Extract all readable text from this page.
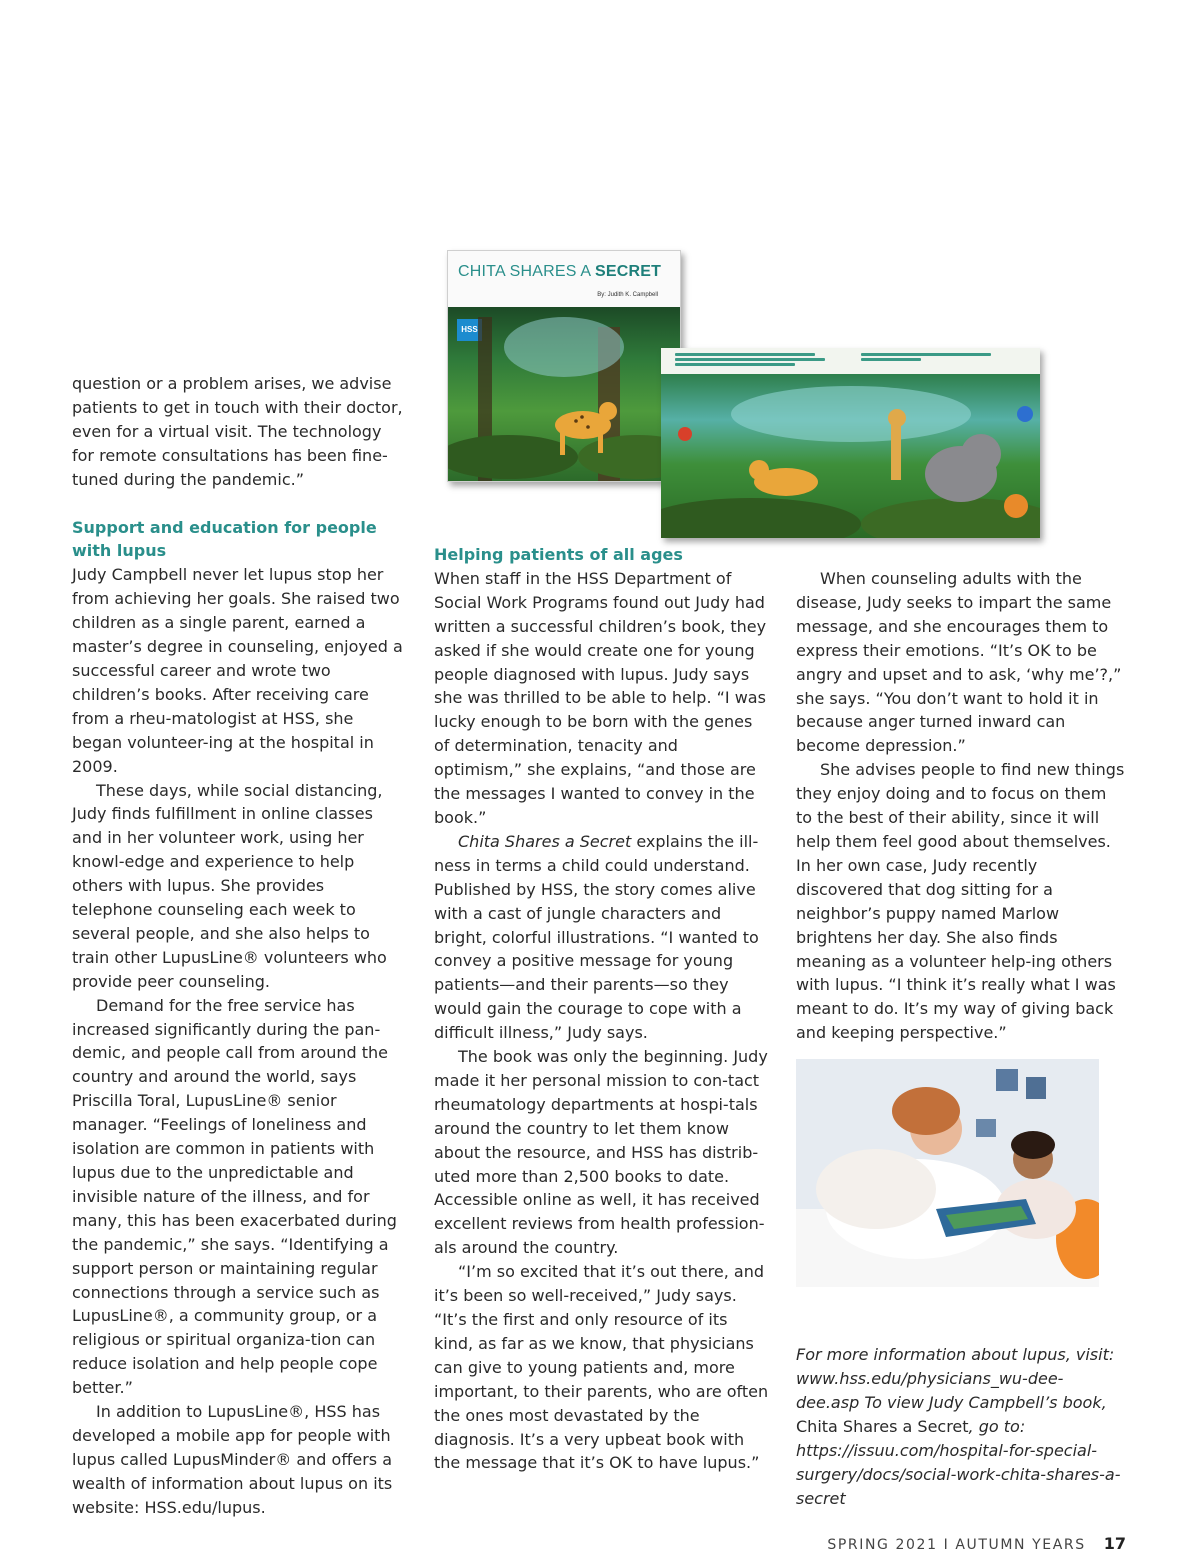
CHITA SHARES A SECRET
By: Judith K. Campbell
HSS

question or a problem arises, we advise patients to get in touch with their doctor, even for a virtual visit. The technology for remote consultations has been fine-tuned during the pandemic.”

Support and education for people with lupus

Judy Campbell never let lupus stop her from achieving her goals. She raised two children as a single parent, earned a master’s degree in counseling, enjoyed a successful career and wrote two children’s books. After receiving care from a rheu-matologist at HSS, she began volunteer-ing at the hospital in 2009.

These days, while social distancing, Judy finds fulfillment in online classes and in her volunteer work, using her knowl-edge and experience to help others with lupus. She provides telephone counseling each week to several people, and she also helps to train other LupusLine® volunteers who provide peer counseling.

Demand for the free service has increased significantly during the pan-demic, and people call from around the country and around the world, says Priscilla Toral, LupusLine® senior manager. “Feelings of loneliness and isolation are common in patients with lupus due to the unpredictable and invisible nature of the illness, and for many, this has been exacerbated during the pandemic,” she says. “Identifying a support person or maintaining regular connections through a service such as LupusLine®, a community group, or a religious or spiritual organiza-tion can reduce isolation and help people cope better.”

In addition to LupusLine®, HSS has developed a mobile app for people with lupus called LupusMinder® and offers a wealth of information about lupus on its website: HSS.edu/lupus.

Helping patients of all ages

When staff in the HSS Department of Social Work Programs found out Judy had written a successful children’s book, they asked if she would create one for young people diagnosed with lupus. Judy says she was thrilled to be able to help. “I was lucky enough to be born with the genes of determination, tenacity and optimism,” she explains, “and those are the messages I wanted to convey in the book.”

Chita Shares a Secret explains the ill-ness in terms a child could understand. Published by HSS, the story comes alive with a cast of jungle characters and bright, colorful illustrations. “I wanted to convey a positive message for young patients—and their parents—so they would gain the courage to cope with a difficult illness,” Judy says.

The book was only the beginning. Judy made it her personal mission to con-tact rheumatology departments at hospi-tals around the country to let them know about the resource, and HSS has distrib-uted more than 2,500 books to date. Accessible online as well, it has received excellent reviews from health profession-als around the country.

“I’m so excited that it’s out there, and it’s been so well-received,” Judy says. “It’s the first and only resource of its kind, as far as we know, that physicians can give to young patients and, more important, to their parents, who are often the ones most devastated by the diagnosis. It’s a very upbeat book with the message that it’s OK to have lupus.”

When counseling adults with the disease, Judy seeks to impart the same message, and she encourages them to express their emotions. “It’s OK to be angry and upset and to ask, ‘why me’?,” she says. “You don’t want to hold it in because anger turned inward can become depression.”

She advises people to find new things they enjoy doing and to focus on them to the best of their ability, since it will help them feel good about themselves. In her own case, Judy recently discovered that dog sitting for a neighbor’s puppy named Marlow brightens her day. She also finds meaning as a volunteer help-ing others with lupus. “I think it’s really what I was meant to do. It’s my way of giving back and keeping perspective.”

For more information about lupus, visit: www.hss.edu/physicians_wu-dee-dee.asp To view Judy Campbell’s book, Chita Shares a Secret, go to: https://issuu.com/hospital-for-special-surgery/docs/social-work-chita-shares-a-secret

SPRING 2021 I AUTUMN YEARS 17
